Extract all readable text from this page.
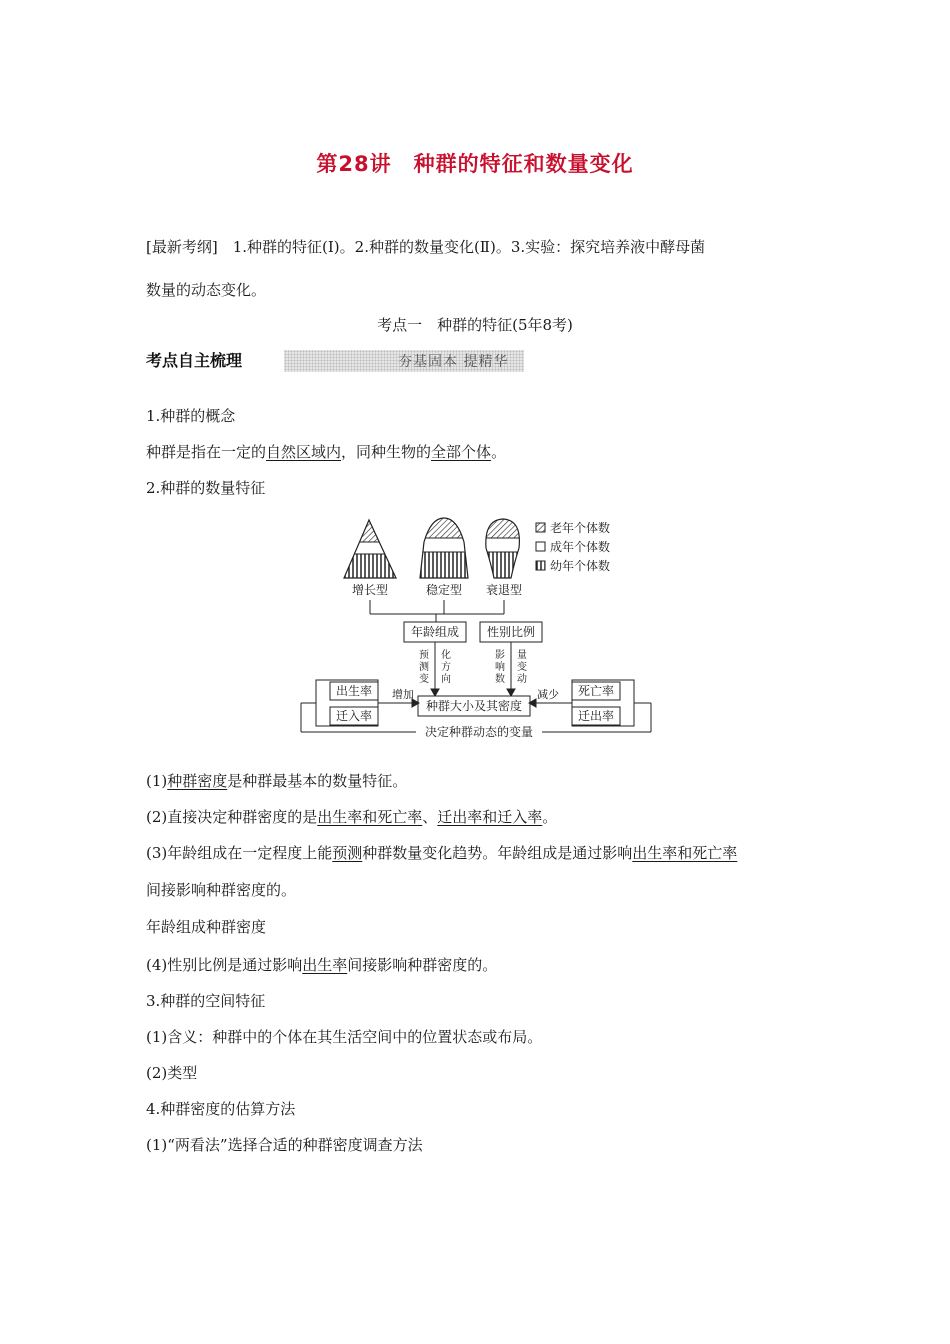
第28讲　种群的特征和数量变化
[最新考纲]　1.种群的特征(Ⅰ)。2.种群的数量变化(Ⅱ)。3.实验：探究培养液中酵母菌
数量的动态变化。
考点一　种群的特征(5年8考)
考点自主梳理	夯基固本 提精华
1.种群的概念
种群是指在一定的自然区域内，同种生物的全部个体。
2.种群的数量特征
老年个体数
成年个体数
幼年个体数
增长型	稳定型 衰退型
年龄组成 性别比例
预
测
变
化
方
向
影
响
数
量
变
动
种群大小及其密度
出生率
迁入率
增加	死亡率
迁出率
减少
决定种群动态的变量
(1)种群密度是种群最基本的数量特征。
(2)直接决定种群密度的是出生率和死亡率、迁出率和迁入率。
(3)年龄组成在一定程度上能预测种群数量变化趋势。年龄组成是通过影响出生率和死亡率
间接影响种群密度的。
年龄组成种群密度
(4)性别比例是通过影响出生率间接影响种群密度的。
3.种群的空间特征
(1)含义：种群中的个体在其生活空间中的位置状态或布局。
(2)类型
4.种群密度的估算方法
(1)“两看法”选择合适的种群密度调查方法
